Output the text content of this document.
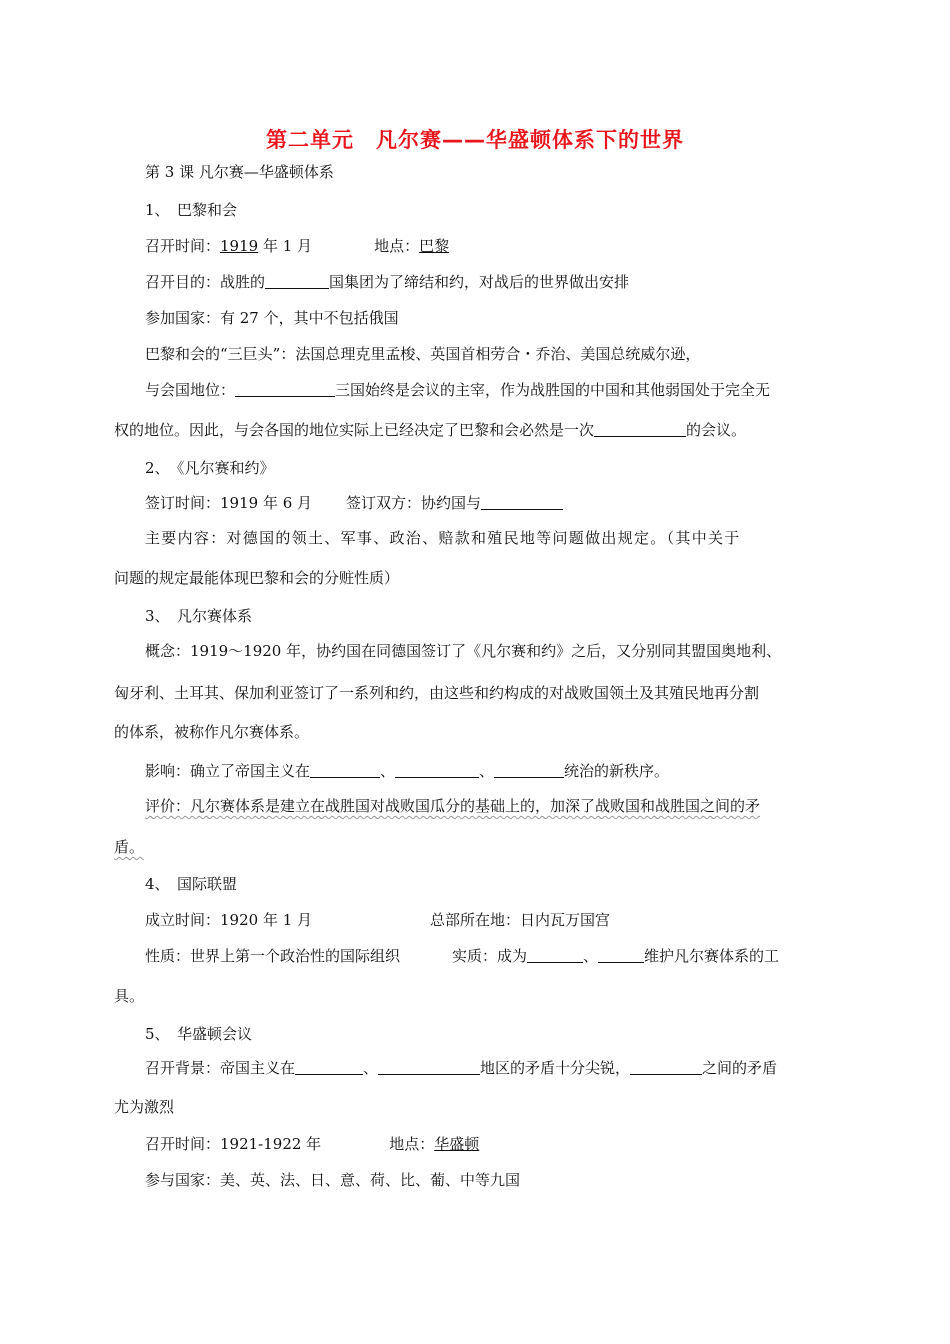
第二单元　凡尔赛——华盛顿体系下的世界
第 3 课 凡尔赛—华盛顿体系
1、　巴黎和会
召开时间：1919 年 1 月	地点：巴黎
召开目的：战胜的	国集团为了缔结和约，对战后的世界做出安排
参加国家：有 27 个，其中不包括俄国
巴黎和会的“三巨头”：法国总理克里孟梭、英国首相劳合・乔治、美国总统威尔逊，
与会国地位：	三国始终是会议的主宰，作为战胜国的中国和其他弱国处于完全无
权的地位。因此，与会各国的地位实际上已经决定了巴黎和会必然是一次	的会议。
2、　《凡尔赛和约》
签订时间：1919 年 6 月 签订双方：协约国与
主要内容：对德国的领土、军事、政治、赔款和殖民地等问题做出规定。（其中关于
问题的规定最能体现巴黎和会的分赃性质）
3、　凡尔赛体系
概念：1919～1920 年，协约国在同德国签订了《凡尔赛和约》之后，又分别同其盟国奥地利、
匈牙利、土耳其、保加利亚签订了一系列和约，由这些和约构成的对战败国领土及其殖民地再分割
的体系，被称作凡尔赛体系。
影响：确立了帝国主义在	、	、	统治的新秩序。
评价：凡尔赛体系是建立在战胜国对战败国瓜分的基础上的，加深了战败国和战胜国之间的矛
盾。
4、　国际联盟
成立时间：1920 年 1 月	总部所在地：日内瓦万国宫
性质：世界上第一个政治性的国际组织	实质：成为	、	维护凡尔赛体系的工
具。
5、　华盛顿会议
召开背景：帝国主义在	、	地区的矛盾十分尖锐，	之间的矛盾
尤为激烈
召开时间：1921-1922 年	地点：华盛顿
参与国家：美、英、法、日、意、荷、比、葡、中等九国
